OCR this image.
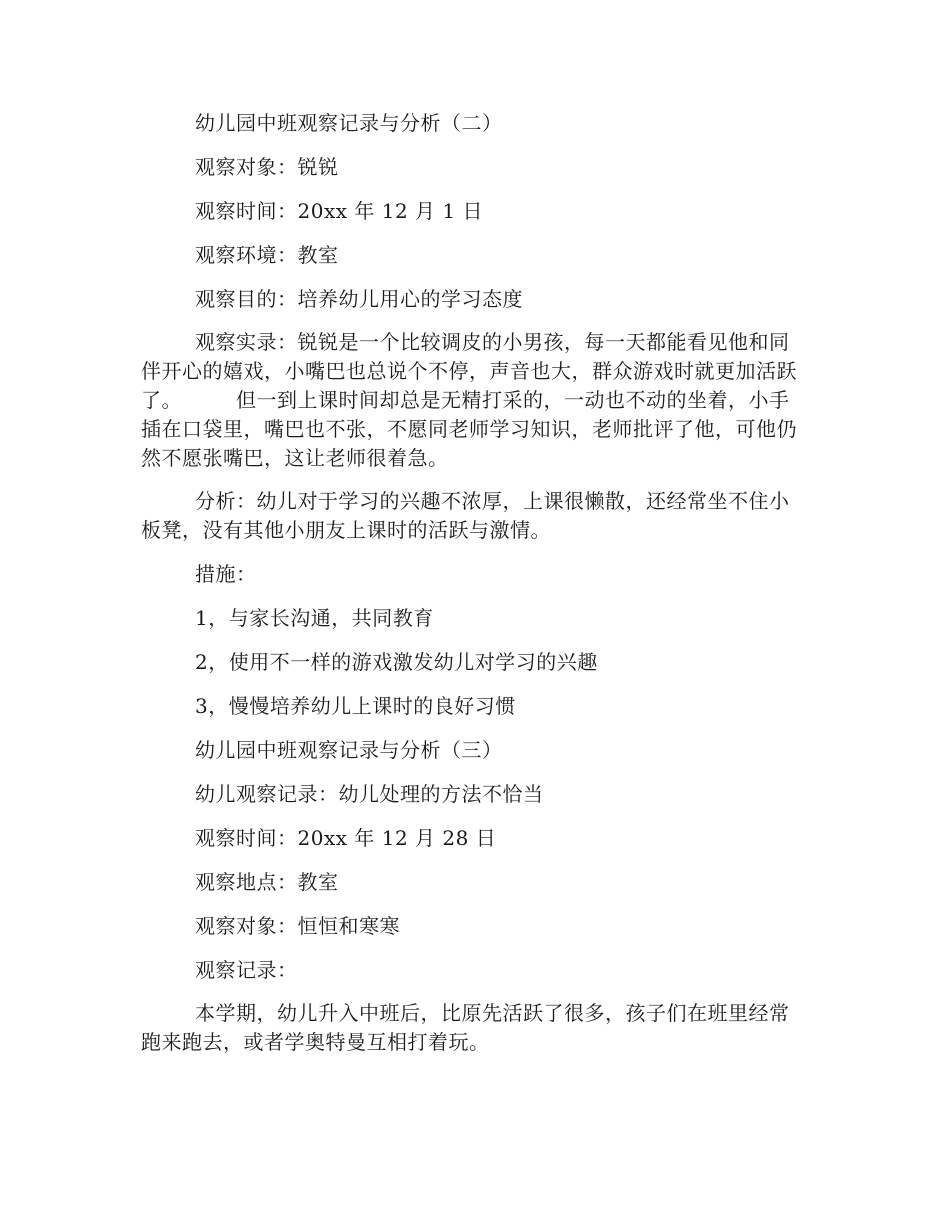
幼儿园中班观察记录与分析（二）

观察对象：锐锐

观察时间：20xx 年 12 月 1 日

观察环境：教室

观察目的：培养幼儿用心的学习态度

观察实录：锐锐是一个比较调皮的小男孩，每一天都能看见他和同伴开心的嬉戏，小嘴巴也总说个不停，声音也大，群众游戏时就更加活跃了。	但一到上课时间却总是无精打采的，一动也不动的坐着，小手插在口袋里，嘴巴也不张，不愿同老师学习知识，老师批评了他，可他仍然不愿张嘴巴，这让老师很着急。

分析：幼儿对于学习的兴趣不浓厚，上课很懒散，还经常坐不住小板凳，没有其他小朋友上课时的活跃与激情。

措施：

1，与家长沟通，共同教育

2，使用不一样的游戏激发幼儿对学习的兴趣

3，慢慢培养幼儿上课时的良好习惯

幼儿园中班观察记录与分析（三）

幼儿观察记录：幼儿处理的方法不恰当

观察时间：20xx 年 12 月 28 日

观察地点：教室

观察对象：恒恒和寒寒

观察记录：

本学期，幼儿升入中班后，比原先活跃了很多，孩子们在班里经常跑来跑去，或者学奥特曼互相打着玩。
